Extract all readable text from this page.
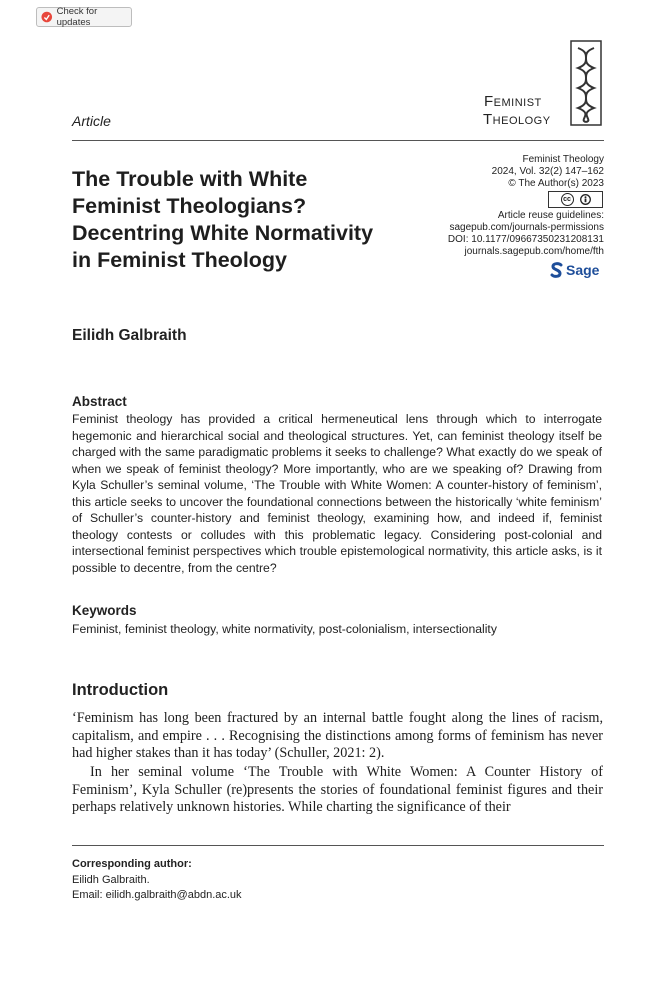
Check for updates
Article
Feminist
Theology
The Trouble with White
Feminist Theologians?
Decentring White Normativity
in Feminist Theology
Feminist Theology
2024, Vol. 32(2) 147–162
© The Author(s) 2023
cc
Article reuse guidelines:
sagepub.com/journals-permissions
DOI: 10.1177/09667350231208131
journals.sagepub.com/home/fth
Sage
Eilidh Galbraith
Abstract
Feminist theology has provided a critical hermeneutical lens through which to interrogate hegemonic and hierarchical social and theological structures. Yet, can feminist theology itself be charged with the same paradigmatic problems it seeks to challenge? What exactly do we speak of when we speak of feminist theology? More importantly, who are we speaking of? Drawing from Kyla Schuller’s seminal volume, ‘The Trouble with White Women: A counter-history of feminism’, this article seeks to uncover the foundational connections between the historically ‘white feminism’ of Schuller’s counter-history and feminist theology, examining how, and indeed if, feminist theology contests or colludes with this problematic legacy. Considering post-colonial and intersectional feminist perspectives which trouble epistemological normativity, this article asks, is it possible to decentre, from the centre?
Keywords
Feminist, feminist theology, white normativity, post-colonialism, intersectionality
Introduction
‘Feminism has long been fractured by an internal battle fought along the lines of racism, capitalism, and empire . . . Recognising the distinctions among forms of feminism has never had higher stakes than it has today’ (Schuller, 2021: 2).
In her seminal volume ‘The Trouble with White Women: A Counter History of Feminism’, Kyla Schuller (re)presents the stories of foundational feminist figures and their perhaps relatively unknown histories. While charting the significance of their
Corresponding author:
Eilidh Galbraith.
Email: eilidh.galbraith@abdn.ac.uk
